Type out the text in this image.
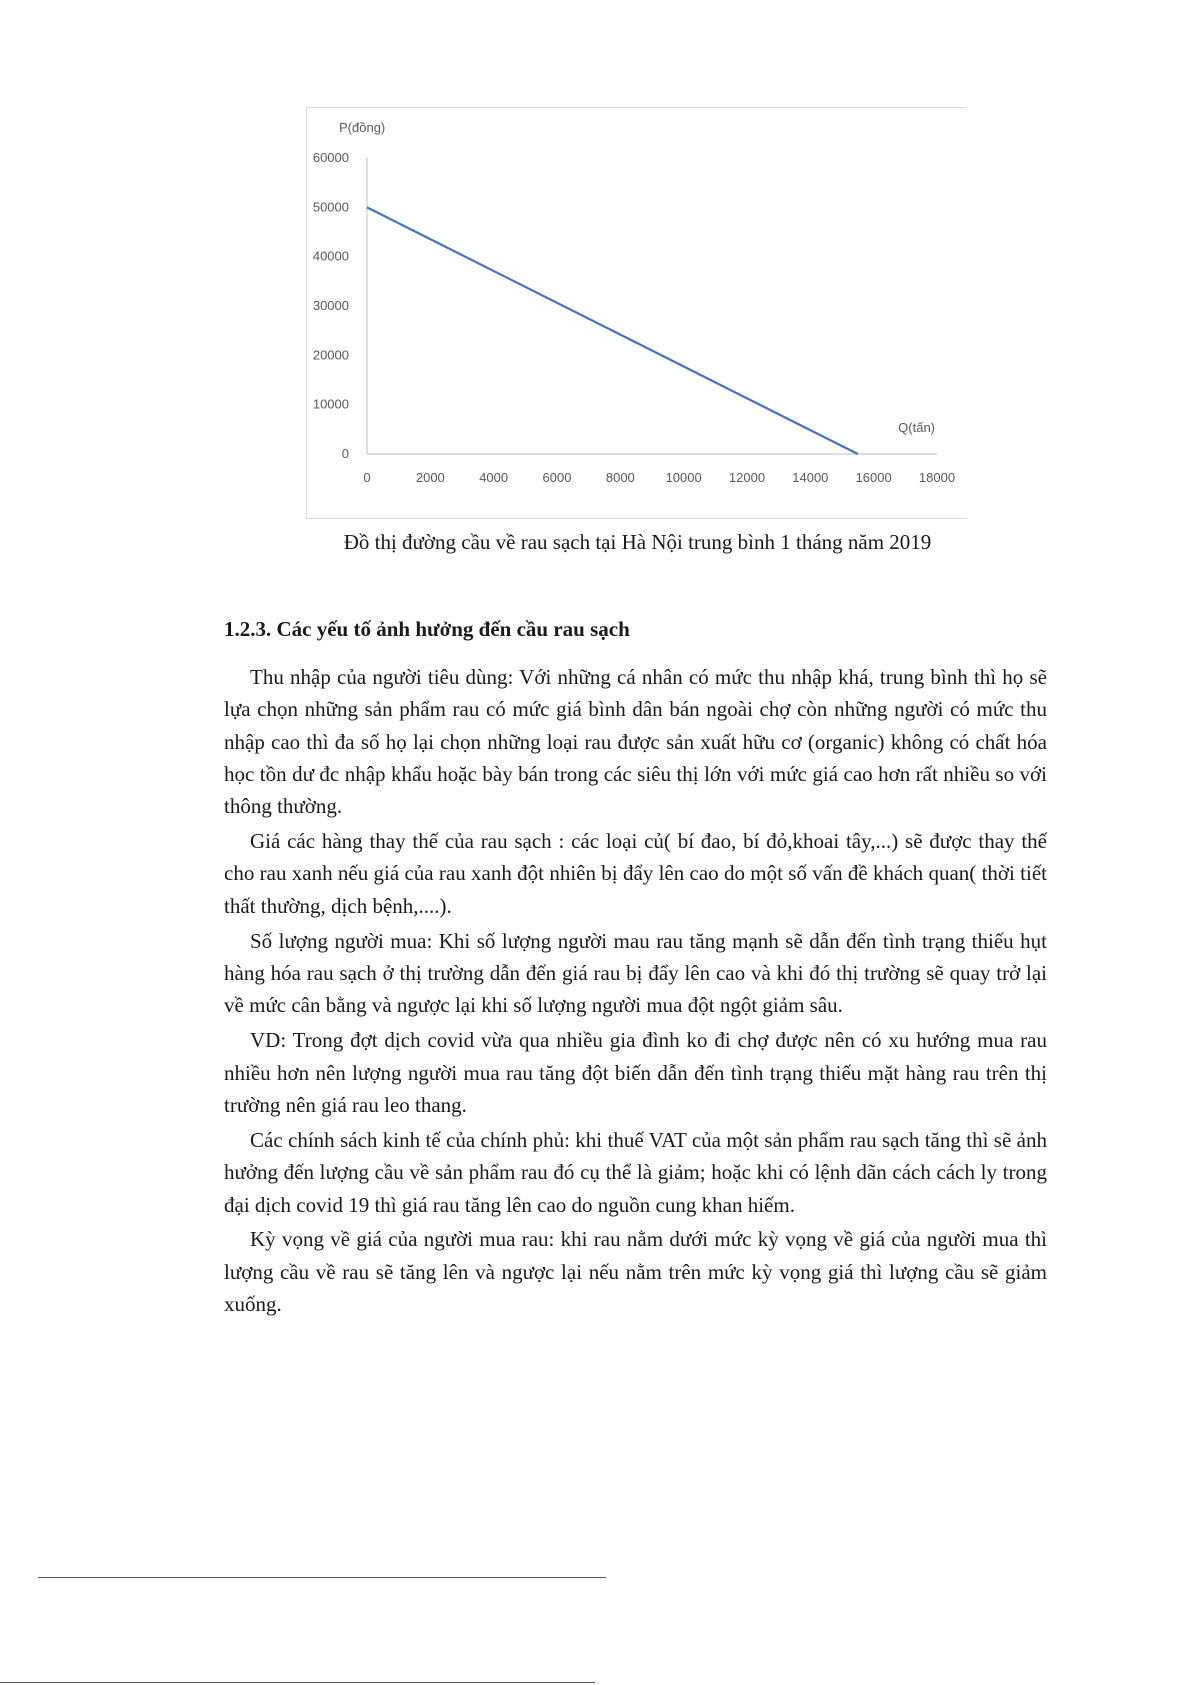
0
10000
20000
30000
40000
50000
60000
0	2000	4000	6000	8000 10000 12000 14000 16000 18000
P(đồng)
Q(tấn)
Đồ thị đường cầu về rau sạch tại Hà Nội trung bình 1 tháng năm 2019
1.2.3. Các yếu tố ảnh hưởng đến cầu rau sạch

Thu nhập của người tiêu dùng: Với những cá nhân có mức thu nhập khá, trung bình thì họ sẽ lựa chọn những sản phẩm rau có mức giá bình dân bán ngoài chợ còn những người có mức thu nhập cao thì đa số họ lại chọn những loại rau được sản xuất hữu cơ (organic) không có chất hóa học tồn dư đc nhập khẩu hoặc bày bán trong các siêu thị lớn với mức giá cao hơn rất nhiều so với thông thường.

Giá các hàng thay thế của rau sạch : các loại củ( bí đao, bí đỏ,khoai tây,...) sẽ được thay thế cho rau xanh nếu giá của rau xanh đột nhiên bị đẩy lên cao do một số vấn đề khách quan( thời tiết thất thường, dịch bệnh,....).

Số lượng người mua: Khi số lượng người mau rau tăng mạnh sẽ dẫn đến tình trạng thiếu hụt hàng hóa rau sạch ở thị trường dẫn đến giá rau bị đẩy lên cao và khi đó thị trường sẽ quay trở lại về mức cân bằng và ngược lại khi số lượng người mua đột ngột giảm sâu.

VD: Trong đợt dịch covid vừa qua nhiều gia đình ko đi chợ được nên có xu hướng mua rau nhiều hơn nên lượng người mua rau tăng đột biến dẫn đến tình trạng thiếu mặt hàng rau trên thị trường nên giá rau leo thang.

Các chính sách kinh tế của chính phủ: khi thuế VAT của một sản phẩm rau sạch tăng thì sẽ ảnh hưởng đến lượng cầu về sản phẩm rau đó cụ thể là giảm; hoặc khi có lệnh dãn cách cách ly trong đại dịch covid 19 thì giá rau tăng lên cao do nguồn cung khan hiếm.

Kỳ vọng về giá của người mua rau: khi rau nằm dưới mức kỳ vọng về giá của người mua thì lượng cầu về rau sẽ tăng lên và ngược lại nếu nằm trên mức kỳ vọng giá thì lượng cầu sẽ giảm xuống.
